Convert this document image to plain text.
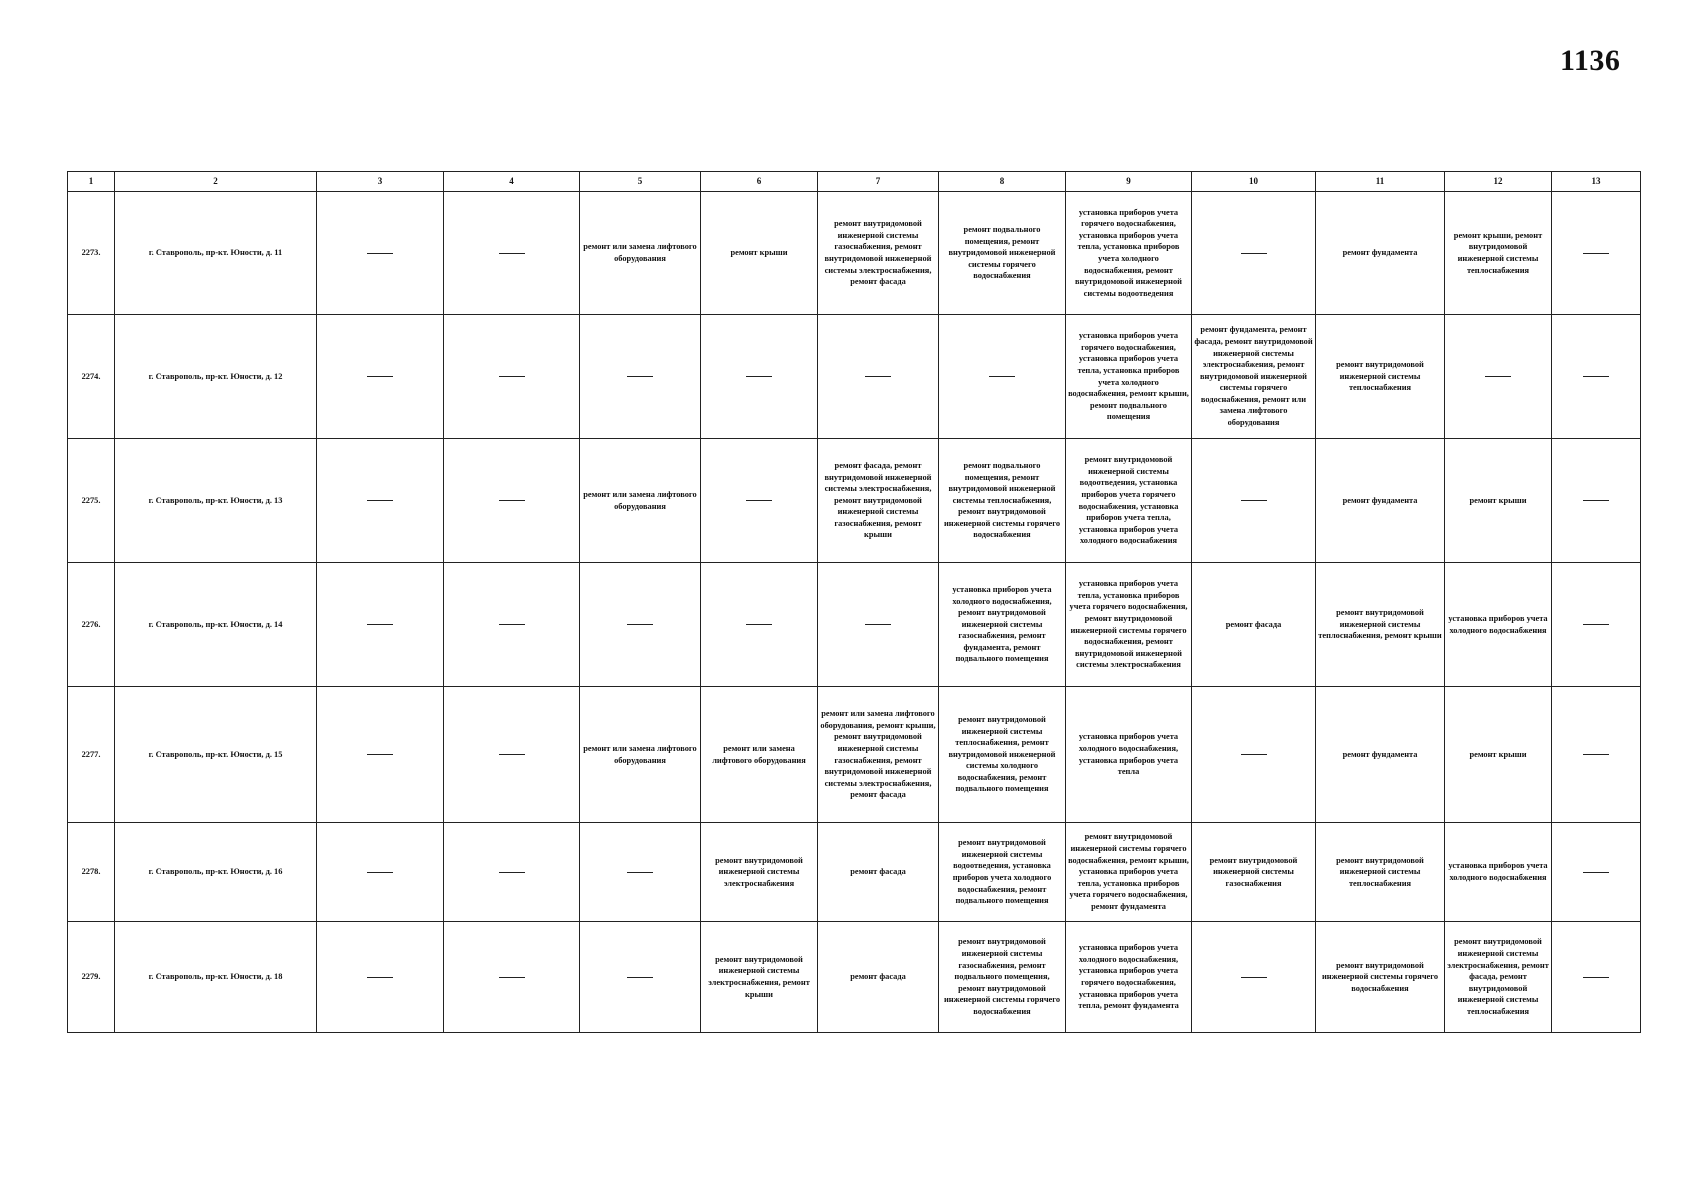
1136
1	2	3	4	5	6	7	8	9	10	11	12	13
2273.	г. Ставрополь, пр-кт. Юности, д. 11			ремонт или замена лифтового оборудования	ремонт крыши	ремонт внутридомовой инженерной системы газоснабжения, ремонт внутридомовой инженерной системы электроснабжения, ремонт фасада	ремонт подвального помещения, ремонт внутридомовой инженерной системы горячего водоснабжения	установка приборов учета горячего водоснабжения, установка приборов учета тепла, установка приборов учета холодного водоснабжения, ремонт внутридомовой инженерной системы водоотведения		ремонт фундамента	ремонт крыши, ремонт внутридомовой инженерной системы теплоснабжения	
2274.	г. Ставрополь, пр-кт. Юности, д. 12							установка приборов учета горячего водоснабжения, установка приборов учета тепла, установка приборов учета холодного водоснабжения, ремонт крыши, ремонт подвального помещения	ремонт фундамента, ремонт фасада, ремонт внутридомовой инженерной системы электроснабжения, ремонт внутридомовой инженерной системы горячего водоснабжения, ремонт или замена лифтового оборудования	ремонт внутридомовой инженерной системы теплоснабжения		
2275.	г. Ставрополь, пр-кт. Юности, д. 13			ремонт или замена лифтового оборудования		ремонт фасада, ремонт внутридомовой инженерной системы электроснабжения, ремонт внутридомовой инженерной системы газоснабжения, ремонт крыши	ремонт подвального помещения, ремонт внутридомовой инженерной системы теплоснабжения, ремонт внутридомовой инженерной системы горячего водоснабжения	ремонт внутридомовой инженерной системы водоотведения, установка приборов учета горячего водоснабжения, установка приборов учета тепла, установка приборов учета холодного водоснабжения		ремонт фундамента	ремонт крыши	
2276.	г. Ставрополь, пр-кт. Юности, д. 14						установка приборов учета холодного водоснабжения, ремонт внутридомовой инженерной системы газоснабжения, ремонт фундамента, ремонт подвального помещения	установка приборов учета тепла, установка приборов учета горячего водоснабжения, ремонт внутридомовой инженерной системы горячего водоснабжения, ремонт внутридомовой инженерной системы электроснабжения	ремонт фасада	ремонт внутридомовой инженерной системы теплоснабжения, ремонт крыши	установка приборов учета холодного водоснабжения	
2277.	г. Ставрополь, пр-кт. Юности, д. 15			ремонт или замена лифтового оборудования	ремонт или замена лифтового оборудования	ремонт или замена лифтового оборудования, ремонт крыши, ремонт внутридомовой инженерной системы газоснабжения, ремонт внутридомовой инженерной системы электроснабжения, ремонт фасада	ремонт внутридомовой инженерной системы теплоснабжения, ремонт внутридомовой инженерной системы холодного водоснабжения, ремонт подвального помещения	установка приборов учета холодного водоснабжения, установка приборов учета тепла		ремонт фундамента	ремонт крыши	
2278.	г. Ставрополь, пр-кт. Юности, д. 16				ремонт внутридомовой инженерной системы электроснабжения	ремонт фасада	ремонт внутридомовой инженерной системы водоотведения, установка приборов учета холодного водоснабжения, ремонт подвального помещения	ремонт внутридомовой инженерной системы горячего водоснабжения, ремонт крыши, установка приборов учета тепла, установка приборов учета горячего водоснабжения, ремонт фундамента	ремонт внутридомовой инженерной системы газоснабжения	ремонт внутридомовой инженерной системы теплоснабжения	установка приборов учета холодного водоснабжения	
2279.	г. Ставрополь, пр-кт. Юности, д. 18				ремонт внутридомовой инженерной системы электроснабжения, ремонт крыши	ремонт фасада	ремонт внутридомовой инженерной системы газоснабжения, ремонт подвального помещения, ремонт внутридомовой инженерной системы горячего водоснабжения	установка приборов учета холодного водоснабжения, установка приборов учета горячего водоснабжения, установка приборов учета тепла, ремонт фундамента		ремонт внутридомовой инженерной системы горячего водоснабжения	ремонт внутридомовой инженерной системы электроснабжения, ремонт фасада, ремонт внутридомовой инженерной системы теплоснабжения	
